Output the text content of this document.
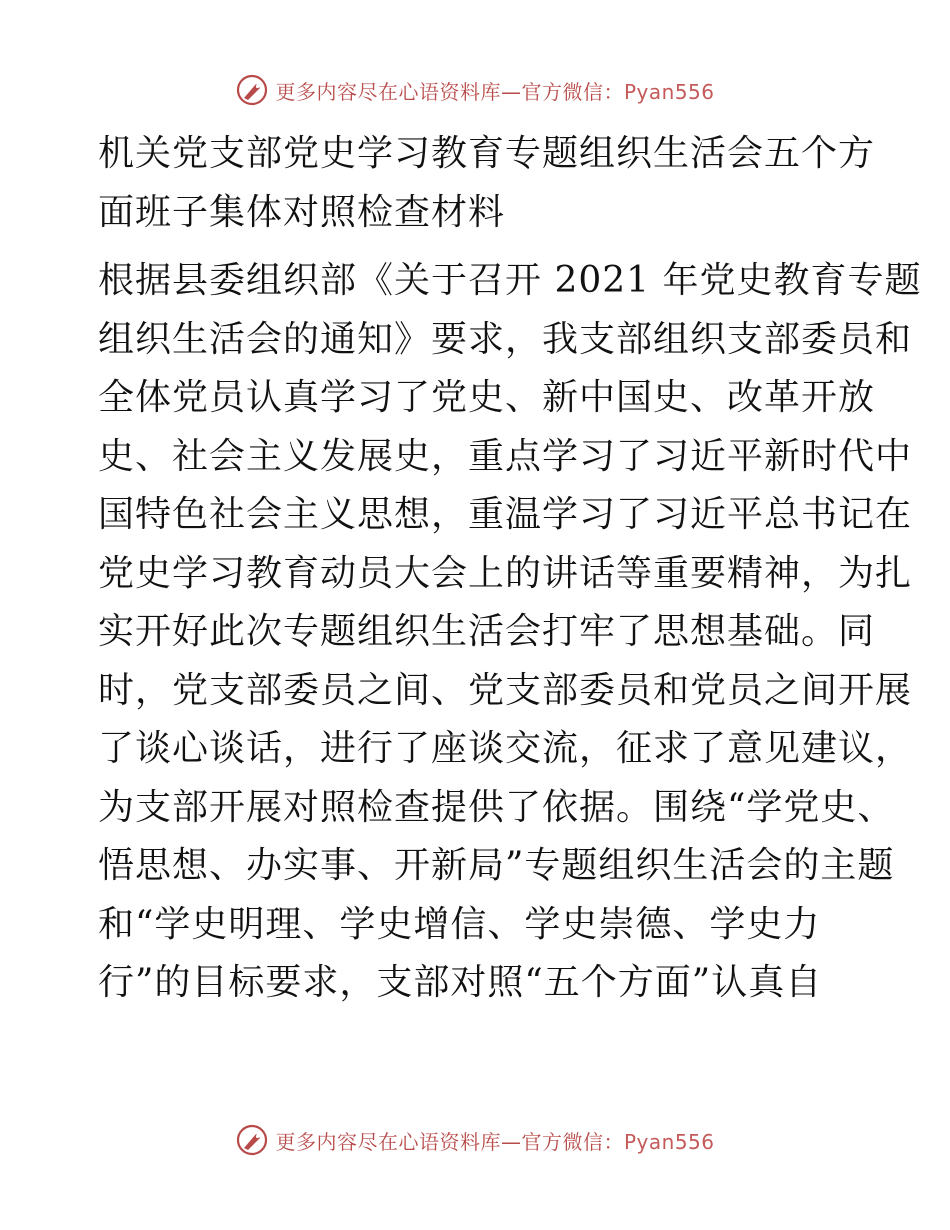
更多内容尽在心语资料库—官方微信：Pyan556
机关党支部党史学习教育专题组织生活会五个方
面班子集体对照检查材料
根据县委组织部《关于召开 2021 年党史教育专题
组织生活会的通知》要求，我支部组织支部委员和
全体党员认真学习了党史、新中国史、改革开放
史、社会主义发展史，重点学习了习近平新时代中
国特色社会主义思想，重温学习了习近平总书记在
党史学习教育动员大会上的讲话等重要精神，为扎
实开好此次专题组织生活会打牢了思想基础。同
时，党支部委员之间、党支部委员和党员之间开展
了谈心谈话，进行了座谈交流，征求了意见建议，
为支部开展对照检查提供了依据。围绕“学党史、
悟思想、办实事、开新局”专题组织生活会的主题
和“学史明理、学史增信、学史崇德、学史力
行”的目标要求，支部对照“五个方面”认真自
更多内容尽在心语资料库—官方微信：Pyan556
